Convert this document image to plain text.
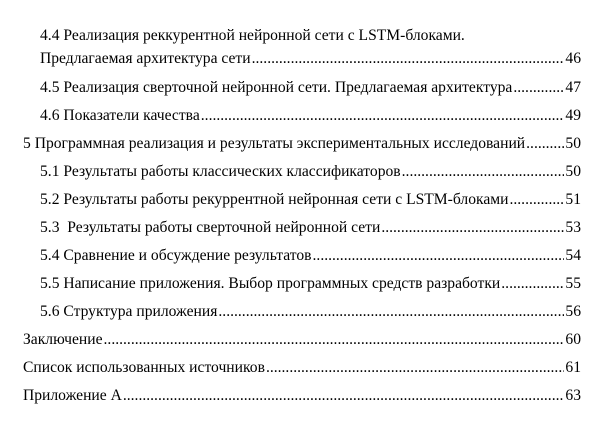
4.4 Реализация реккурентной нейронной сети с LSTM-блоками.
Предлагаемая архитектура сети .....	46
4.5 Реализация сверточной нейронной сети. Предлагаемая архитектура .....	47
4.6 Показатели качества .....	49
5 Программная реализация и результаты экспериментальных исследований .....	50
5.1 Результаты работы классических классификаторов .....	50
5.2 Результаты работы рекуррентной нейронная сети с LSTM-блоками .....	51
5.3  Результаты работы сверточной нейронной сети .....	53
5.4 Сравнение и обсуждение результатов .....	54
5.5 Написание приложения. Выбор программных средств разработки .....	55
5.6 Структура приложения .....	56
Заключение .....	60
Список использованных источников .....	61
Приложение А .....	63
